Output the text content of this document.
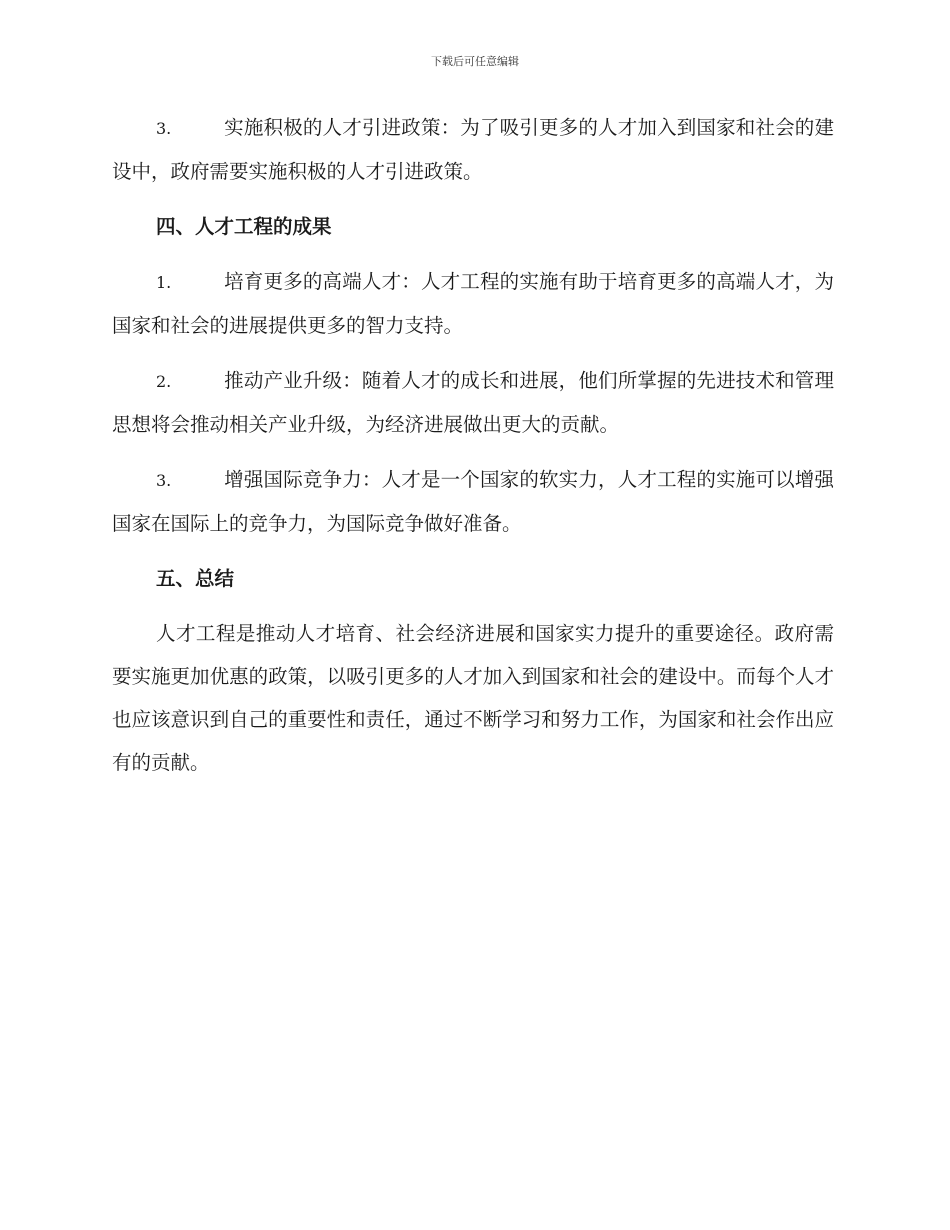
下载后可任意编辑

3.	实施积极的人才引进政策：为了吸引更多的人才加入到国家和社会的建设中，政府需要实施积极的人才引进政策。

四、人才工程的成果

1.	培育更多的高端人才：人才工程的实施有助于培育更多的高端人才，为国家和社会的进展提供更多的智力支持。

2.	推动产业升级：随着人才的成长和进展，他们所掌握的先进技术和管理思想将会推动相关产业升级，为经济进展做出更大的贡献。

3.	增强国际竞争力：人才是一个国家的软实力，人才工程的实施可以增强国家在国际上的竞争力，为国际竞争做好准备。

五、总结

人才工程是推动人才培育、社会经济进展和国家实力提升的重要途径。政府需要实施更加优惠的政策，以吸引更多的人才加入到国家和社会的建设中。而每个人才也应该意识到自己的重要性和责任，通过不断学习和努力工作，为国家和社会作出应有的贡献。
